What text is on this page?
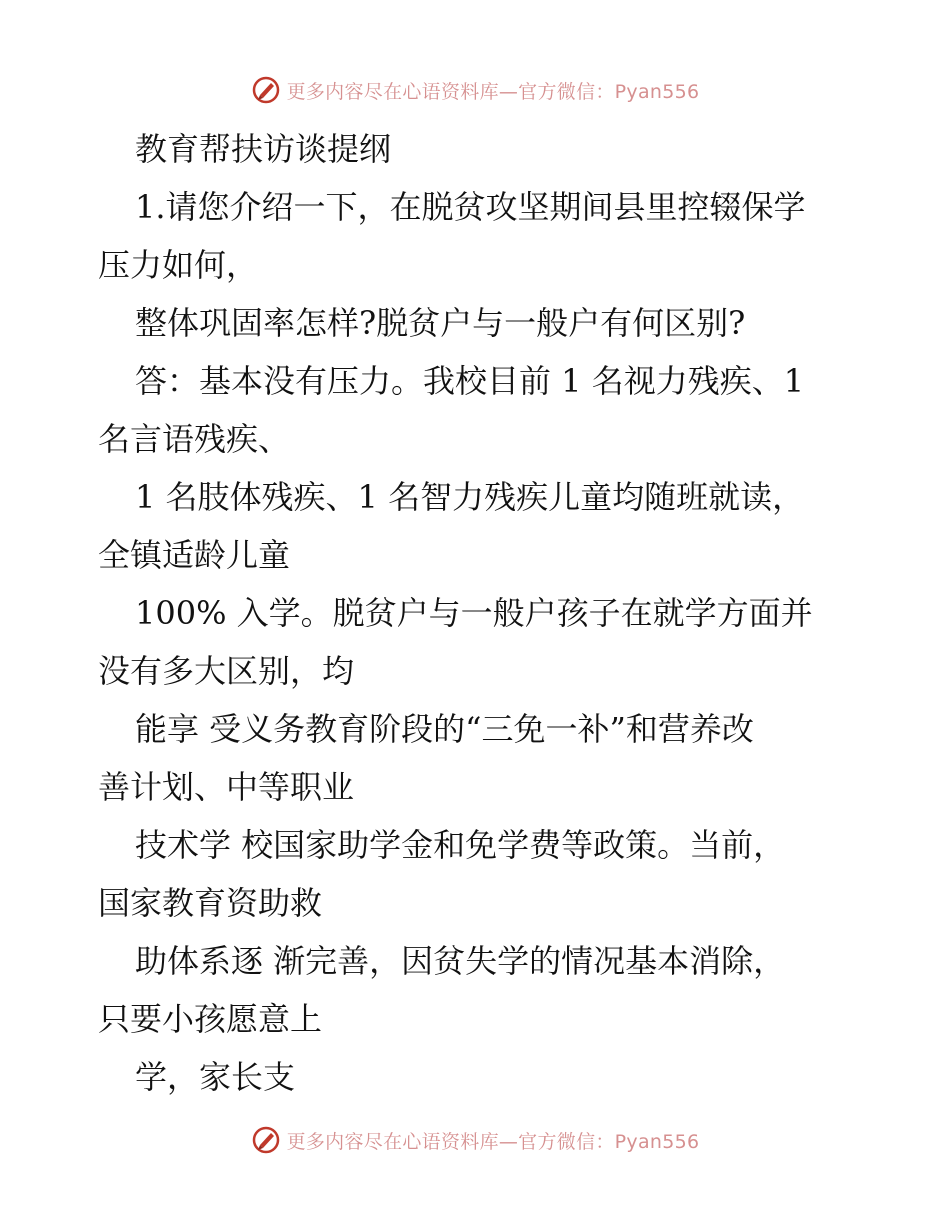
更多内容尽在心语资料库—官方微信：Pyan556
教育帮扶访谈提纲
1.请您介绍一下，在脱贫攻坚期间县里控辍保学
压力如何，
整体巩固率怎样?脱贫户与一般户有何区别?
答：基本没有压力。我校目前 1 名视力残疾、1
名言语残疾、
1 名肢体残疾、1 名智力残疾儿童均随班就读，
全镇适龄儿童
100% 入学。脱贫户与一般户孩子在就学方面并
没有多大区别，均
能享 受义务教育阶段的“三免一补”和营养改
善计划、中等职业
技术学 校国家助学金和免学费等政策。当前，
国家教育资助救
助体系逐 渐完善，因贫失学的情况基本消除，
只要小孩愿意上
学，家长支
更多内容尽在心语资料库—官方微信：Pyan556
